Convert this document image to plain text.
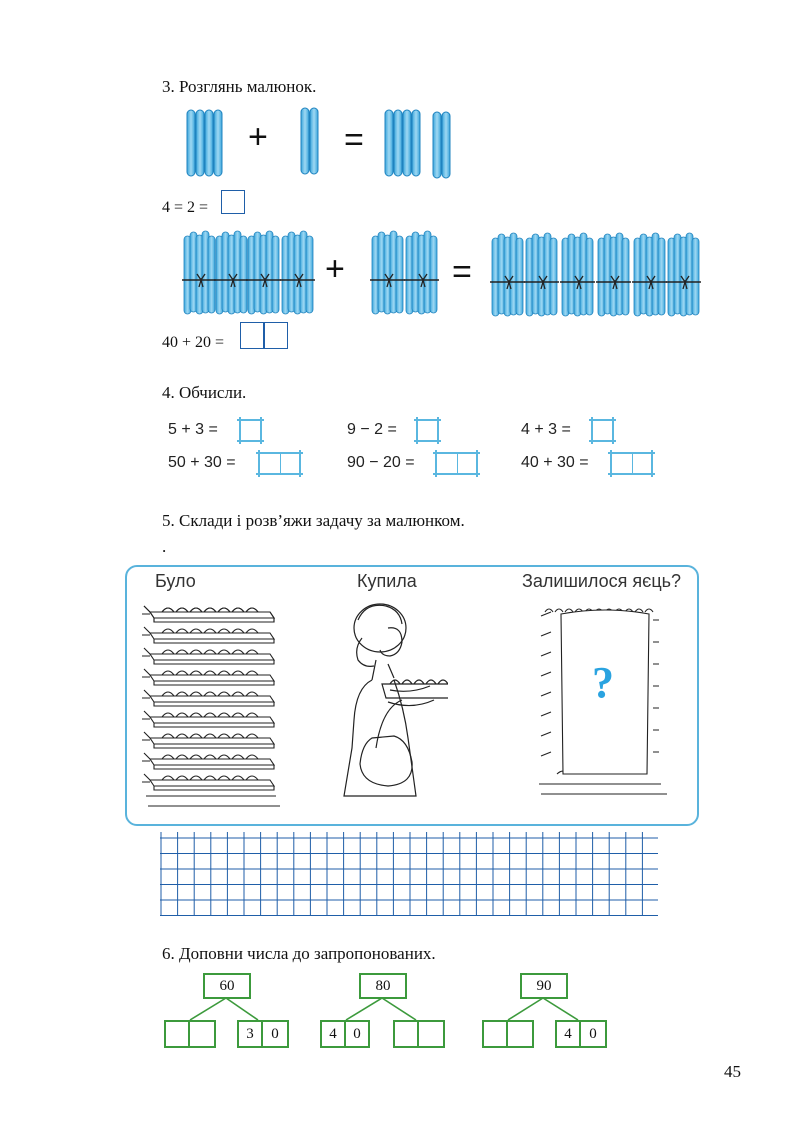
3. Розглянь малюнок.
+ =
4 = 2 =
+	=
40 + 20 =
4. Обчисли.
5 + 3 =	9 − 2 =	4 + 3 =
50 + 30 =	90 − 20 =	40 + 30 =
5. Склади і розв’яжи задачу за малюнком.
.
Було	Купила	Залишилося яєць?
?
6. Доповни числа до запропонованих.
60
3	0
80
4	0
90
4	0
45
